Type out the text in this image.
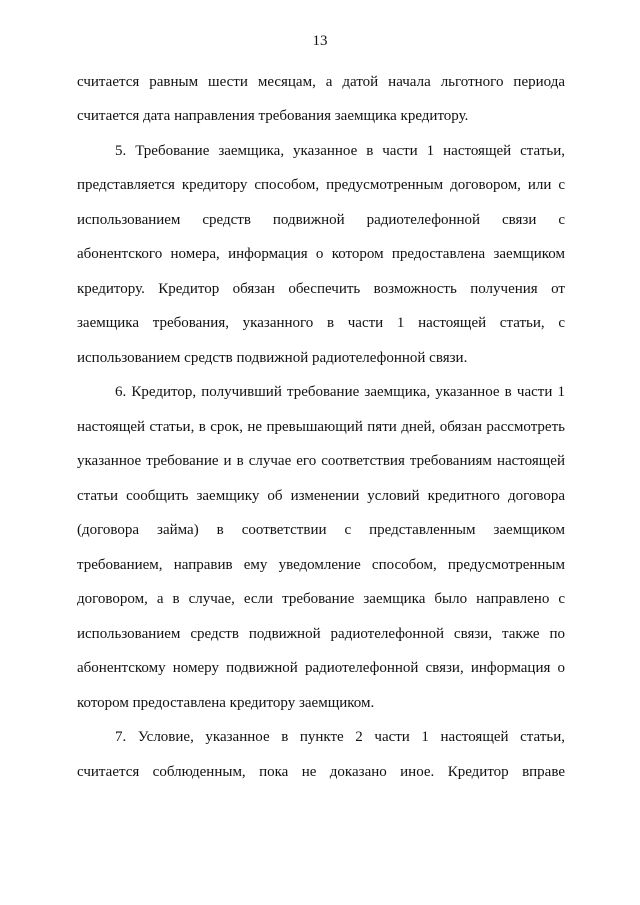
13
считается равным шести месяцам, а датой начала льготного периода
считается дата направления требования заемщика кредитору.
5. Требование заемщика, указанное в части 1 настоящей статьи,
представляется кредитору способом, предусмотренным договором, или с
использованием средств подвижной радиотелефонной связи с
абонентского номера, информация о котором предоставлена заемщиком
кредитору. Кредитор обязан обеспечить возможность получения от
заемщика требования, указанного в части 1 настоящей статьи, с
использованием средств подвижной радиотелефонной связи.
6. Кредитор, получивший требование заемщика, указанное в части 1
настоящей статьи, в срок, не превышающий пяти дней, обязан рассмотреть
указанное требование и в случае его соответствия требованиям настоящей
статьи сообщить заемщику об изменении условий кредитного договора
(договора займа) в соответствии с представленным заемщиком
требованием, направив ему уведомление способом, предусмотренным
договором, а в случае, если требование заемщика было направлено с
использованием средств подвижной радиотелефонной связи, также по
абонентскому номеру подвижной радиотелефонной связи, информация о
котором предоставлена кредитору заемщиком.
7. Условие, указанное в пункте 2 части 1 настоящей статьи,
считается соблюденным, пока не доказано иное. Кредитор вправе
